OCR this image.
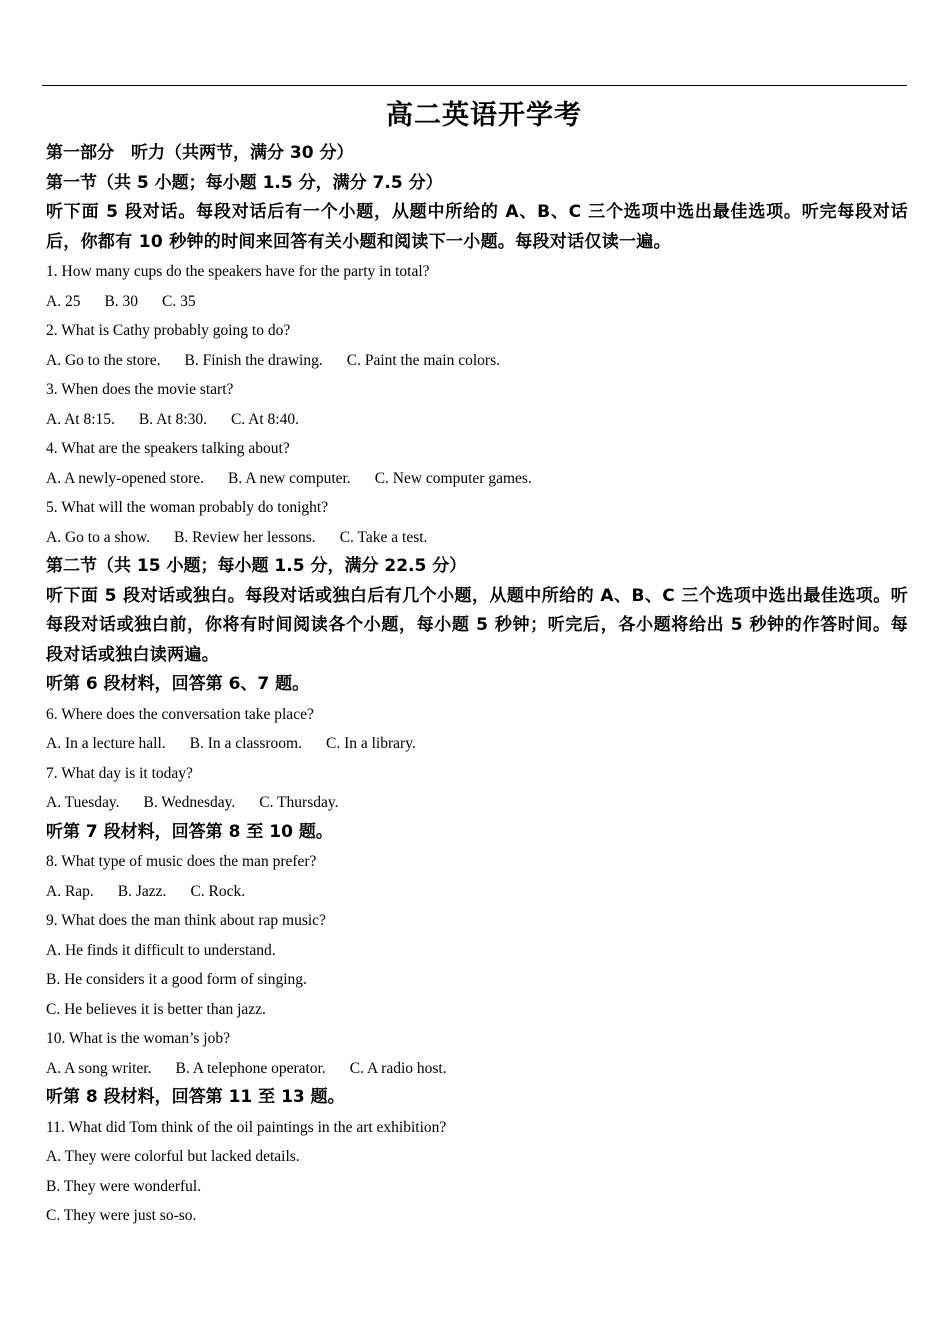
高二英语开学考
第一部分　听力（共两节，满分 30 分）
第一节（共 5 小题；每小题 1.5 分，满分 7.5 分）
听下面 5 段对话。每段对话后有一个小题，从题中所给的 A、B、C 三个选项中选出最佳选项。听完每段对话后，你都有 10 秒钟的时间来回答有关小题和阅读下一小题。每段对话仅读一遍。
1. How many cups do the speakers have for the party in total?
A. 25 B. 30 C. 35
2. What is Cathy probably going to do?
A. Go to the store. B. Finish the drawing. C. Paint the main colors.
3. When does the movie start?
A. At 8:15. B. At 8:30. C. At 8:40.
4. What are the speakers talking about?
A. A newly-opened store. B. A new computer. C. New computer games.
5. What will the woman probably do tonight?
A. Go to a show. B. Review her lessons. C. Take a test.
第二节（共 15 小题；每小题 1.5 分，满分 22.5 分）
听下面 5 段对话或独白。每段对话或独白后有几个小题，从题中所给的 A、B、C 三个选项中选出最佳选项。听每段对话或独白前，你将有时间阅读各个小题，每小题 5 秒钟；听完后，各小题将给出 5 秒钟的作答时间。每段对话或独白读两遍。
听第 6 段材料，回答第 6、7 题。
6. Where does the conversation take place?
A. In a lecture hall. B. In a classroom. C. In a library.
7. What day is it today?
A. Tuesday. B. Wednesday. C. Thursday.
听第 7 段材料，回答第 8 至 10 题。
8. What type of music does the man prefer?
A. Rap. B. Jazz. C. Rock.
9. What does the man think about rap music?
A. He finds it difficult to understand.
B. He considers it a good form of singing.
C. He believes it is better than jazz.
10. What is the woman’s job?
A. A song writer. B. A telephone operator. C. A radio host.
听第 8 段材料，回答第 11 至 13 题。
11. What did Tom think of the oil paintings in the art exhibition?
A. They were colorful but lacked details.
B. They were wonderful.
C. They were just so-so.
